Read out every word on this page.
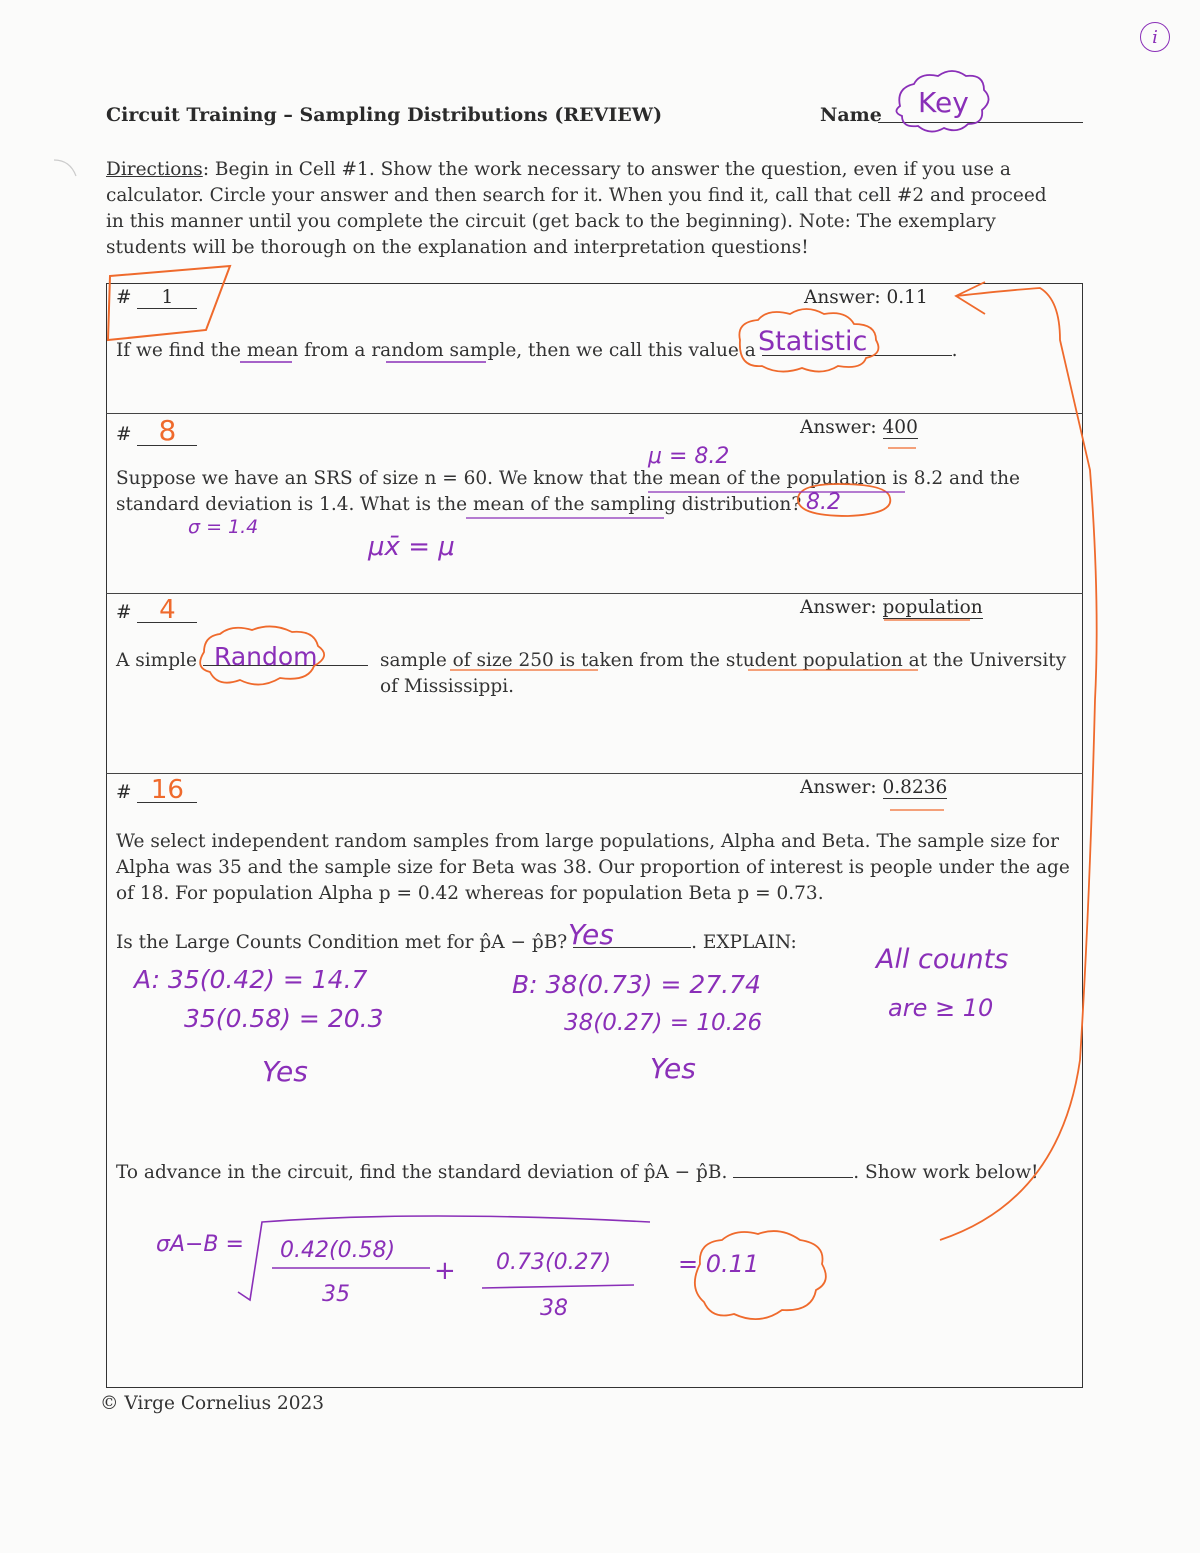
i
Circuit Training – Sampling Distributions (REVIEW)	Name Key
Directions: Begin in Cell #1. Show the work necessary to answer the question, even if you use a calculator. Circle your answer and then search for it. When you find it, call that cell #2 and proceed in this manner until you complete the circuit (get back to the beginning). Note: The exemplary students will be thorough on the explanation and interpretation questions!
# 1	Answer: 0.11
If we find the mean from a random sample, then we call this value a	.
Statistic
# 8	Answer: 400
μ = 8.2
Suppose we have an SRS of size n = 60. We know that the mean of the population is 8.2 and the standard deviation is 1.4. What is the mean of the sampling distribution? 8.2
σ = 1.4
μx̄ = μ
# 4	Answer: population
A simple	sample of size 250 is taken from the student population at the University of Mississippi.
Random
# 16	Answer: 0.8236
We select independent random samples from large populations, Alpha and Beta. The sample size for Alpha was 35 and the sample size for Beta was 38. Our proportion of interest is people under the age of 18. For population Alpha p = 0.42 whereas for population Beta p = 0.73.
Is the Large Counts Condition met for p̂A − p̂B?	. EXPLAIN:
Yes
A: 35(0.42) = 14.7
35(0.58) = 20.3
Yes
B: 38(0.73) = 27.74
38(0.27) = 10.26
Yes
All counts
are ≥ 10
To advance in the circuit, find the standard deviation of p̂A − p̂B.	. Show work below!
σA−B = 0.42(0.58)
35
+ 0.73(0.27)
38
= 0.11
© Virge Cornelius 2023
